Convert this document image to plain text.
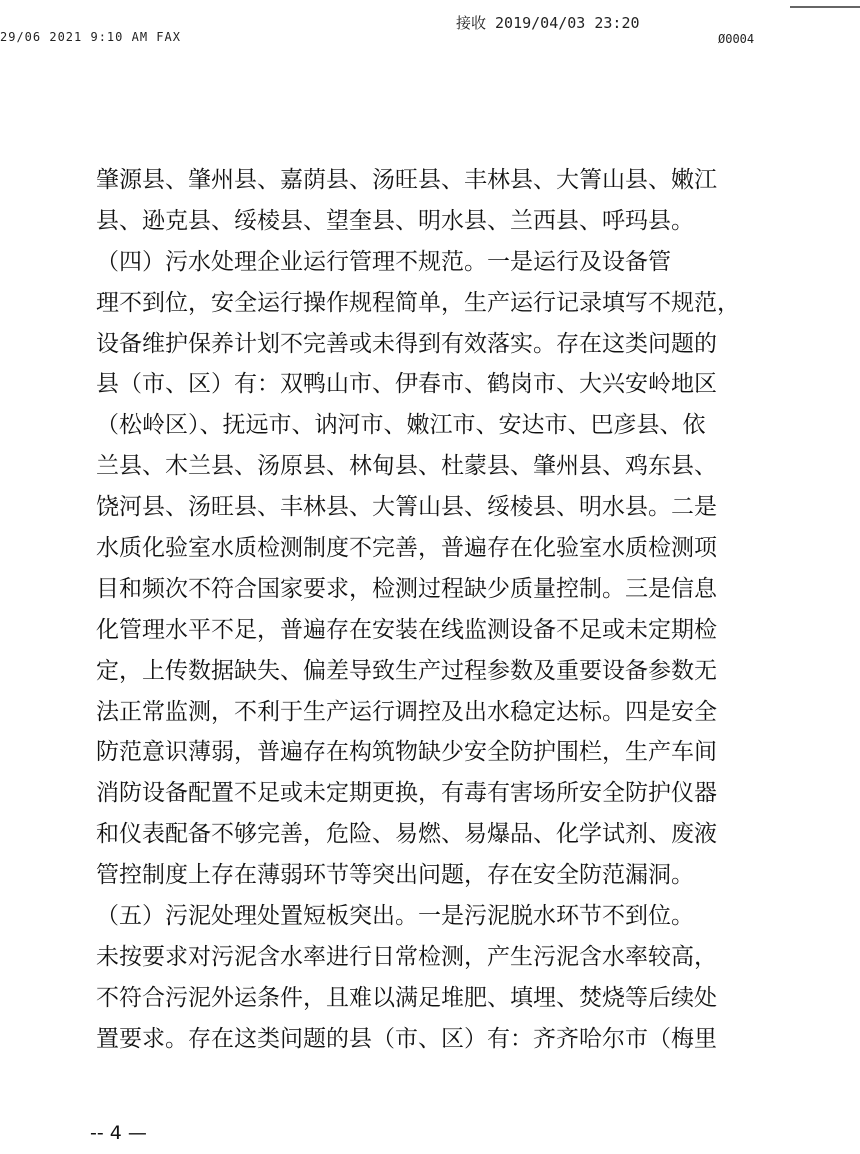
29/06 2021 9:10 AM FAX
接收 2019/04/03 23:20
Ø0004
肇源县、肇州县、嘉荫县、汤旺县、丰林县、大箐山县、嫩江
县、逊克县、绥棱县、望奎县、明水县、兰西县、呼玛县。
（四）污水处理企业运行管理不规范。一是运行及设备管
理不到位，安全运行操作规程简单，生产运行记录填写不规范，
设备维护保养计划不完善或未得到有效落实。存在这类问题的
县（市、区）有：双鸭山市、伊春市、鹤岗市、大兴安岭地区
（松岭区）、抚远市、讷河市、嫩江市、安达市、巴彦县、依
兰县、木兰县、汤原县、林甸县、杜蒙县、肇州县、鸡东县、
饶河县、汤旺县、丰林县、大箐山县、绥棱县、明水县。二是
水质化验室水质检测制度不完善，普遍存在化验室水质检测项
目和频次不符合国家要求，检测过程缺少质量控制。三是信息
化管理水平不足，普遍存在安装在线监测设备不足或未定期检
定，上传数据缺失、偏差导致生产过程参数及重要设备参数无
法正常监测，不利于生产运行调控及出水稳定达标。四是安全
防范意识薄弱，普遍存在构筑物缺少安全防护围栏，生产车间
消防设备配置不足或未定期更换，有毒有害场所安全防护仪器
和仪表配备不够完善，危险、易燃、易爆品、化学试剂、废液
管控制度上存在薄弱环节等突出问题，存在安全防范漏洞。
（五）污泥处理处置短板突出。一是污泥脱水环节不到位。
未按要求对污泥含水率进行日常检测，产生污泥含水率较高，
不符合污泥外运条件，且难以满足堆肥、填埋、焚烧等后续处
置要求。存在这类问题的县（市、区）有：齐齐哈尔市（梅里
-- 4 —
